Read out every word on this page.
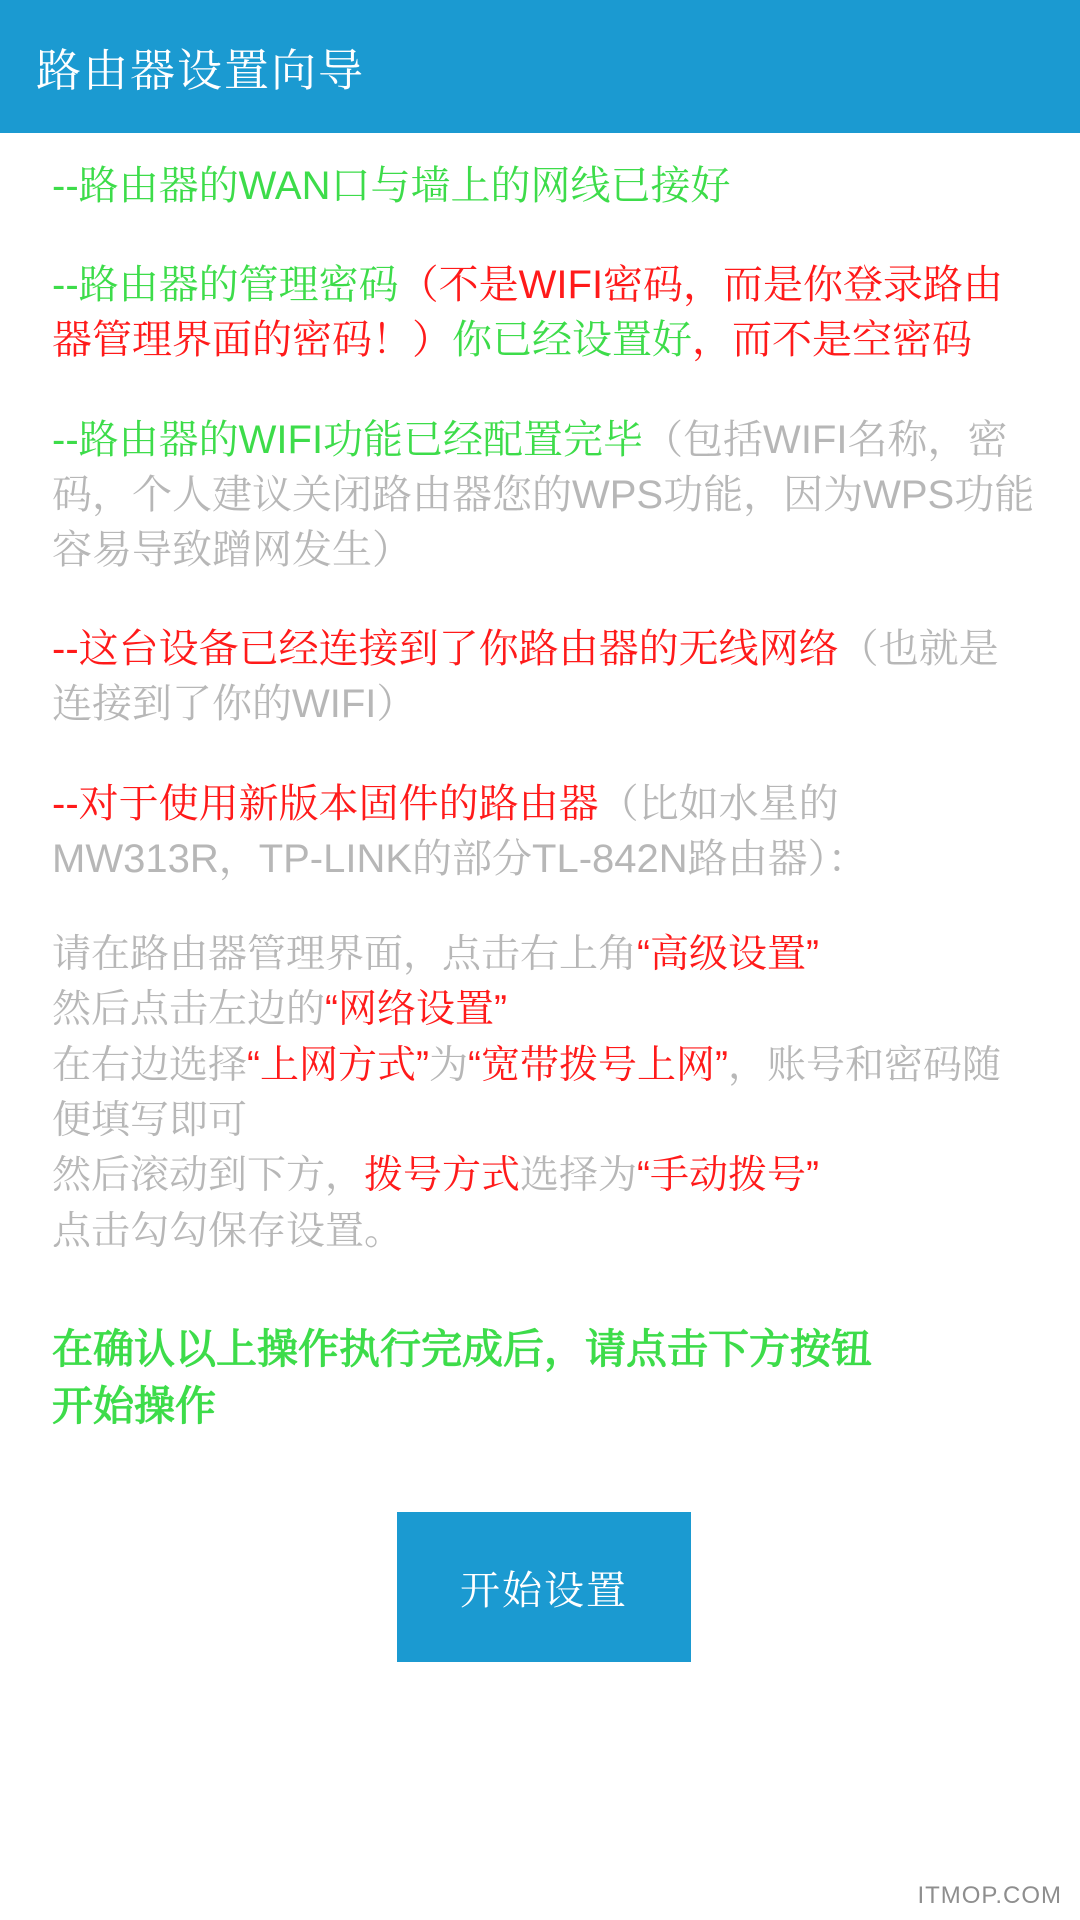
路由器设置向导

--路由器的WAN口与墙上的网线已接好

--路由器的管理密码（不是WIFI密码，而是你登录路由器管理界面的密码！）你已经设置好，而不是空密码

--路由器的WIFI功能已经配置完毕（包括WIFI名称，密码，个人建议关闭路由器您的WPS功能，因为WPS功能容易导致蹭网发生）

--这台设备已经连接到了你路由器的无线网络（也就是连接到了你的WIFI）

--对于使用新版本固件的路由器（比如水星的MW313R，TP-LINK的部分TL-842N路由器）：

请在路由器管理界面，点击右上角“高级设置”
然后点击左边的“网络设置”
在右边选择“上网方式”为“宽带拨号上网”，账号和密码随便填写即可
然后滚动到下方，拨号方式选择为“手动拨号”
点击勾勾保存设置。

在确认以上操作执行完成后，请点击下方按钮
开始操作

开始设置
ITMOP.COM
